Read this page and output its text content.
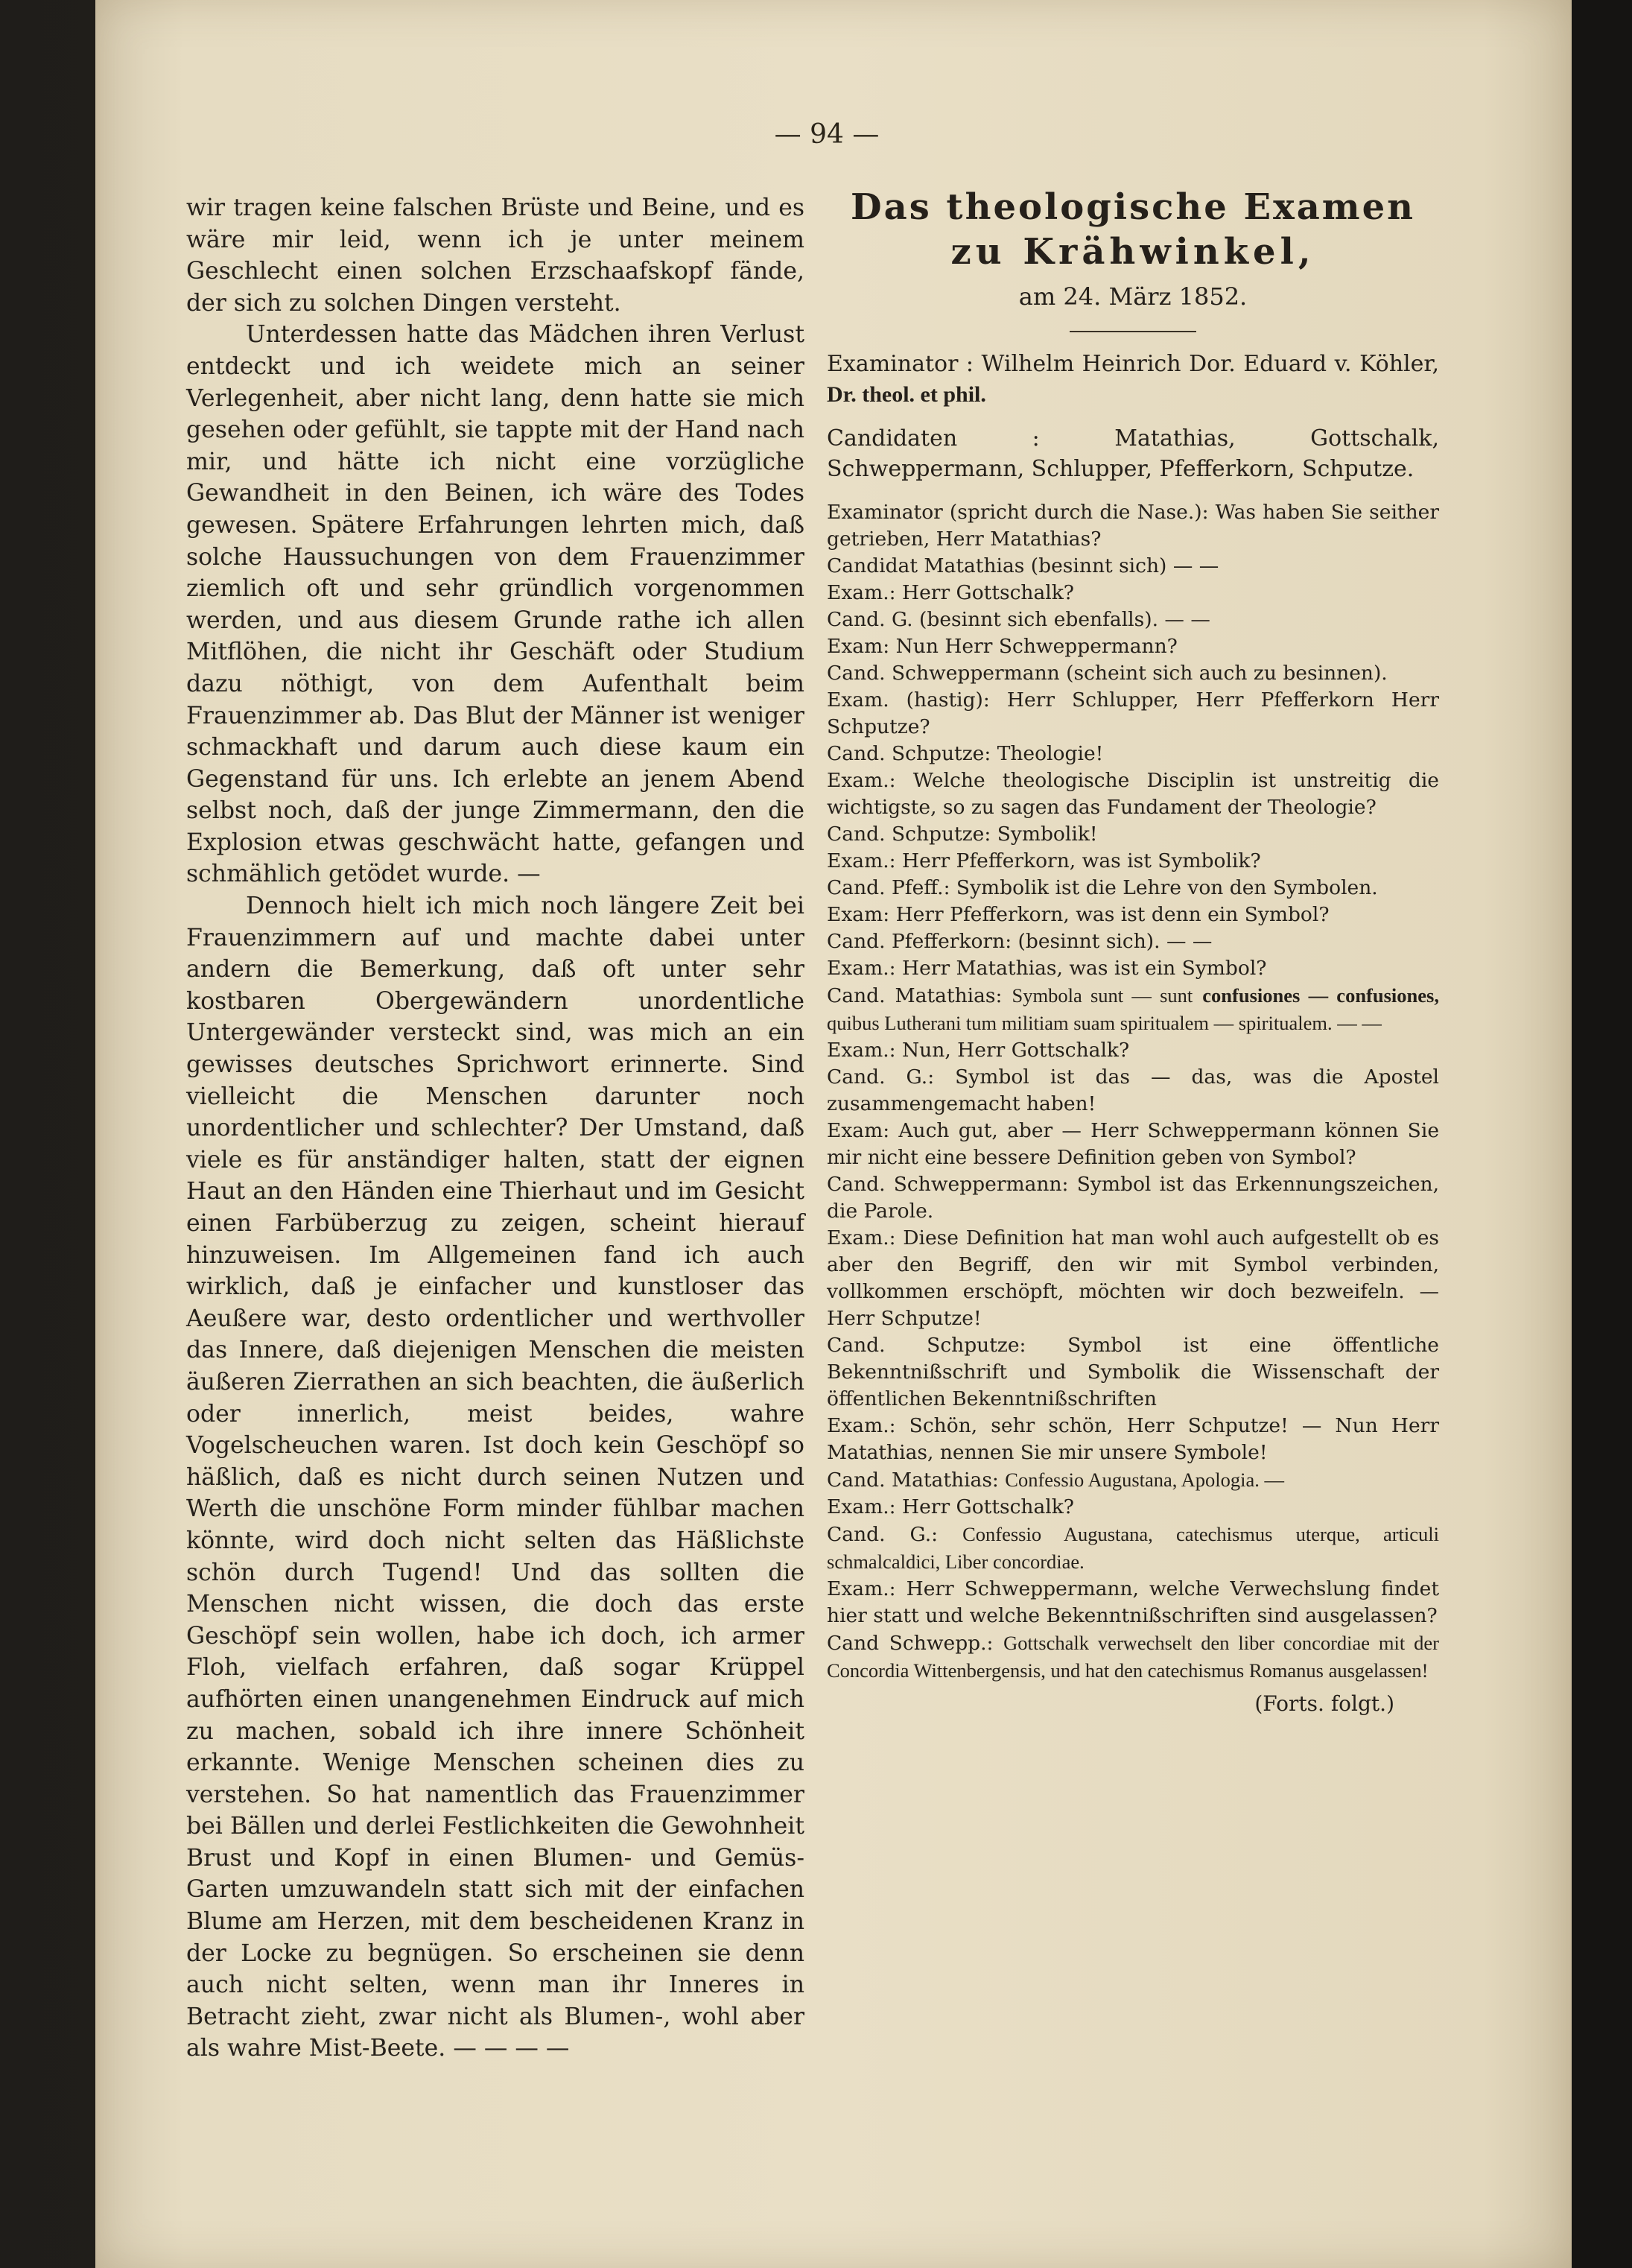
— 94 —

wir tragen keine falschen Brüste und Beine, und es wäre mir leid, wenn ich je unter meinem Geschlecht einen solchen Erzschaafskopf fände, der sich zu solchen Dingen versteht.

Unterdessen hatte das Mädchen ihren Verlust entdeckt und ich weidete mich an seiner Verlegenheit, aber nicht lang, denn hatte sie mich gesehen oder gefühlt, sie tappte mit der Hand nach mir, und hätte ich nicht eine vorzügliche Gewandheit in den Beinen, ich wäre des Todes gewesen. Spätere Erfahrungen lehrten mich, daß solche Haussuchungen von dem Frauenzimmer ziemlich oft und sehr gründlich vorgenommen werden, und aus diesem Grunde rathe ich allen Mitflöhen, die nicht ihr Geschäft oder Studium dazu nöthigt, von dem Aufenthalt beim Frauenzimmer ab. Das Blut der Männer ist weniger schmackhaft und darum auch diese kaum ein Gegenstand für uns. Ich erlebte an jenem Abend selbst noch, daß der junge Zimmermann, den die Explosion etwas geschwächt hatte, gefangen und schmählich getödet wurde. —

Dennoch hielt ich mich noch längere Zeit bei Frauenzimmern auf und machte dabei unter andern die Bemerkung, daß oft unter sehr kostbaren Obergewändern unordentliche Untergewänder versteckt sind, was mich an ein gewisses deutsches Sprichwort erinnerte. Sind vielleicht die Menschen darunter noch unordentlicher und schlechter? Der Umstand, daß viele es für anständiger halten, statt der eignen Haut an den Händen eine Thierhaut und im Gesicht einen Farbüberzug zu zeigen, scheint hierauf hinzuweisen. Im Allgemeinen fand ich auch wirklich, daß je einfacher und kunstloser das Aeußere war, desto ordentlicher und werthvoller das Innere, daß diejenigen Menschen die meisten äußeren Zierrathen an sich beachten, die äußerlich oder innerlich, meist beides, wahre Vogelscheuchen waren. Ist doch kein Geschöpf so häßlich, daß es nicht durch seinen Nutzen und Werth die unschöne Form minder fühlbar machen könnte, wird doch nicht selten das Häßlichste schön durch Tugend! Und das sollten die Menschen nicht wissen, die doch das erste Geschöpf sein wollen, habe ich doch, ich armer Floh, vielfach erfahren, daß sogar Krüppel aufhörten einen unangenehmen Eindruck auf mich zu machen, sobald ich ihre innere Schönheit erkannte. Wenige Menschen scheinen dies zu verstehen. So hat namentlich das Frauenzimmer bei Bällen und derlei Festlichkeiten die Gewohnheit Brust und Kopf in einen Blumen- und Gemüs-Garten umzuwandeln statt sich mit der einfachen Blume am Herzen, mit dem bescheidenen Kranz in der Locke zu begnügen. So erscheinen sie denn auch nicht selten, wenn man ihr Inneres in Betracht zieht, zwar nicht als Blumen-, wohl aber als wahre Mist-Beete. — — — —

Das theologische Examen
zu Krähwinkel,
am 24. März 1852.

Examinator : Wilhelm Heinrich Dor. Eduard v. Köhler, Dr. theol. et phil.

Candidaten :	Matathias, Gottschalk, Schweppermann, Schlupper, Pfefferkorn, Schputze.

Examinator (spricht durch die Nase.): Was haben Sie seither getrieben, Herr Matathias?

Candidat Matathias (besinnt sich) — —

Exam.: Herr Gottschalk?

Cand. G. (besinnt sich ebenfalls). — —

Exam: Nun Herr Schweppermann?

Cand. Schweppermann (scheint sich auch zu besinnen).

Exam. (hastig): Herr Schlupper, Herr Pfefferkorn Herr Schputze?

Cand. Schputze: Theologie!

Exam.: Welche theologische Disciplin ist unstreitig die wichtigste, so zu sagen das Fundament der Theologie?

Cand. Schputze: Symbolik!

Exam.: Herr Pfefferkorn, was ist Symbolik?

Cand. Pfeff.: Symbolik ist die Lehre von den Symbolen.

Exam: Herr Pfefferkorn, was ist denn ein Symbol?

Cand. Pfefferkorn: (besinnt sich). — —

Exam.: Herr Matathias, was ist ein Symbol?

Cand. Matathias: Symbola sunt — sunt confusiones — confusiones, quibus Lutherani tum militiam suam spiritualem — spiritualem. — —

Exam.: Nun, Herr Gottschalk?

Cand. G.: Symbol ist das — das, was die Apostel zusammengemacht haben!

Exam: Auch gut, aber — Herr Schweppermann können Sie mir nicht eine bessere Definition geben von Symbol?

Cand. Schweppermann: Symbol ist das Erkennungszeichen, die Parole.

Exam.: Diese Definition hat man wohl auch aufgestellt ob es aber den Begriff, den wir mit Symbol verbinden, vollkommen erschöpft, möchten wir doch bezweifeln. — Herr Schputze!

Cand. Schputze: Symbol ist eine öffentliche Bekenntnißschrift und Symbolik die Wissenschaft der öffentlichen Bekenntnißschriften

Exam.: Schön, sehr schön, Herr Schputze! — Nun Herr Matathias, nennen Sie mir unsere Symbole!

Cand. Matathias: Confessio Augustana, Apologia. —

Exam.: Herr Gottschalk?

Cand. G.: Confessio Augustana, catechismus uterque, articuli schmalcaldici, Liber concordiae.

Exam.: Herr Schweppermann, welche Verwechslung findet hier statt und welche Bekenntnißschriften sind ausgelassen?

Cand Schwepp.: Gottschalk verwechselt den liber concordiae mit der Concordia Wittenbergensis, und hat den catechismus Romanus ausgelassen!

(Forts. folgt.)
